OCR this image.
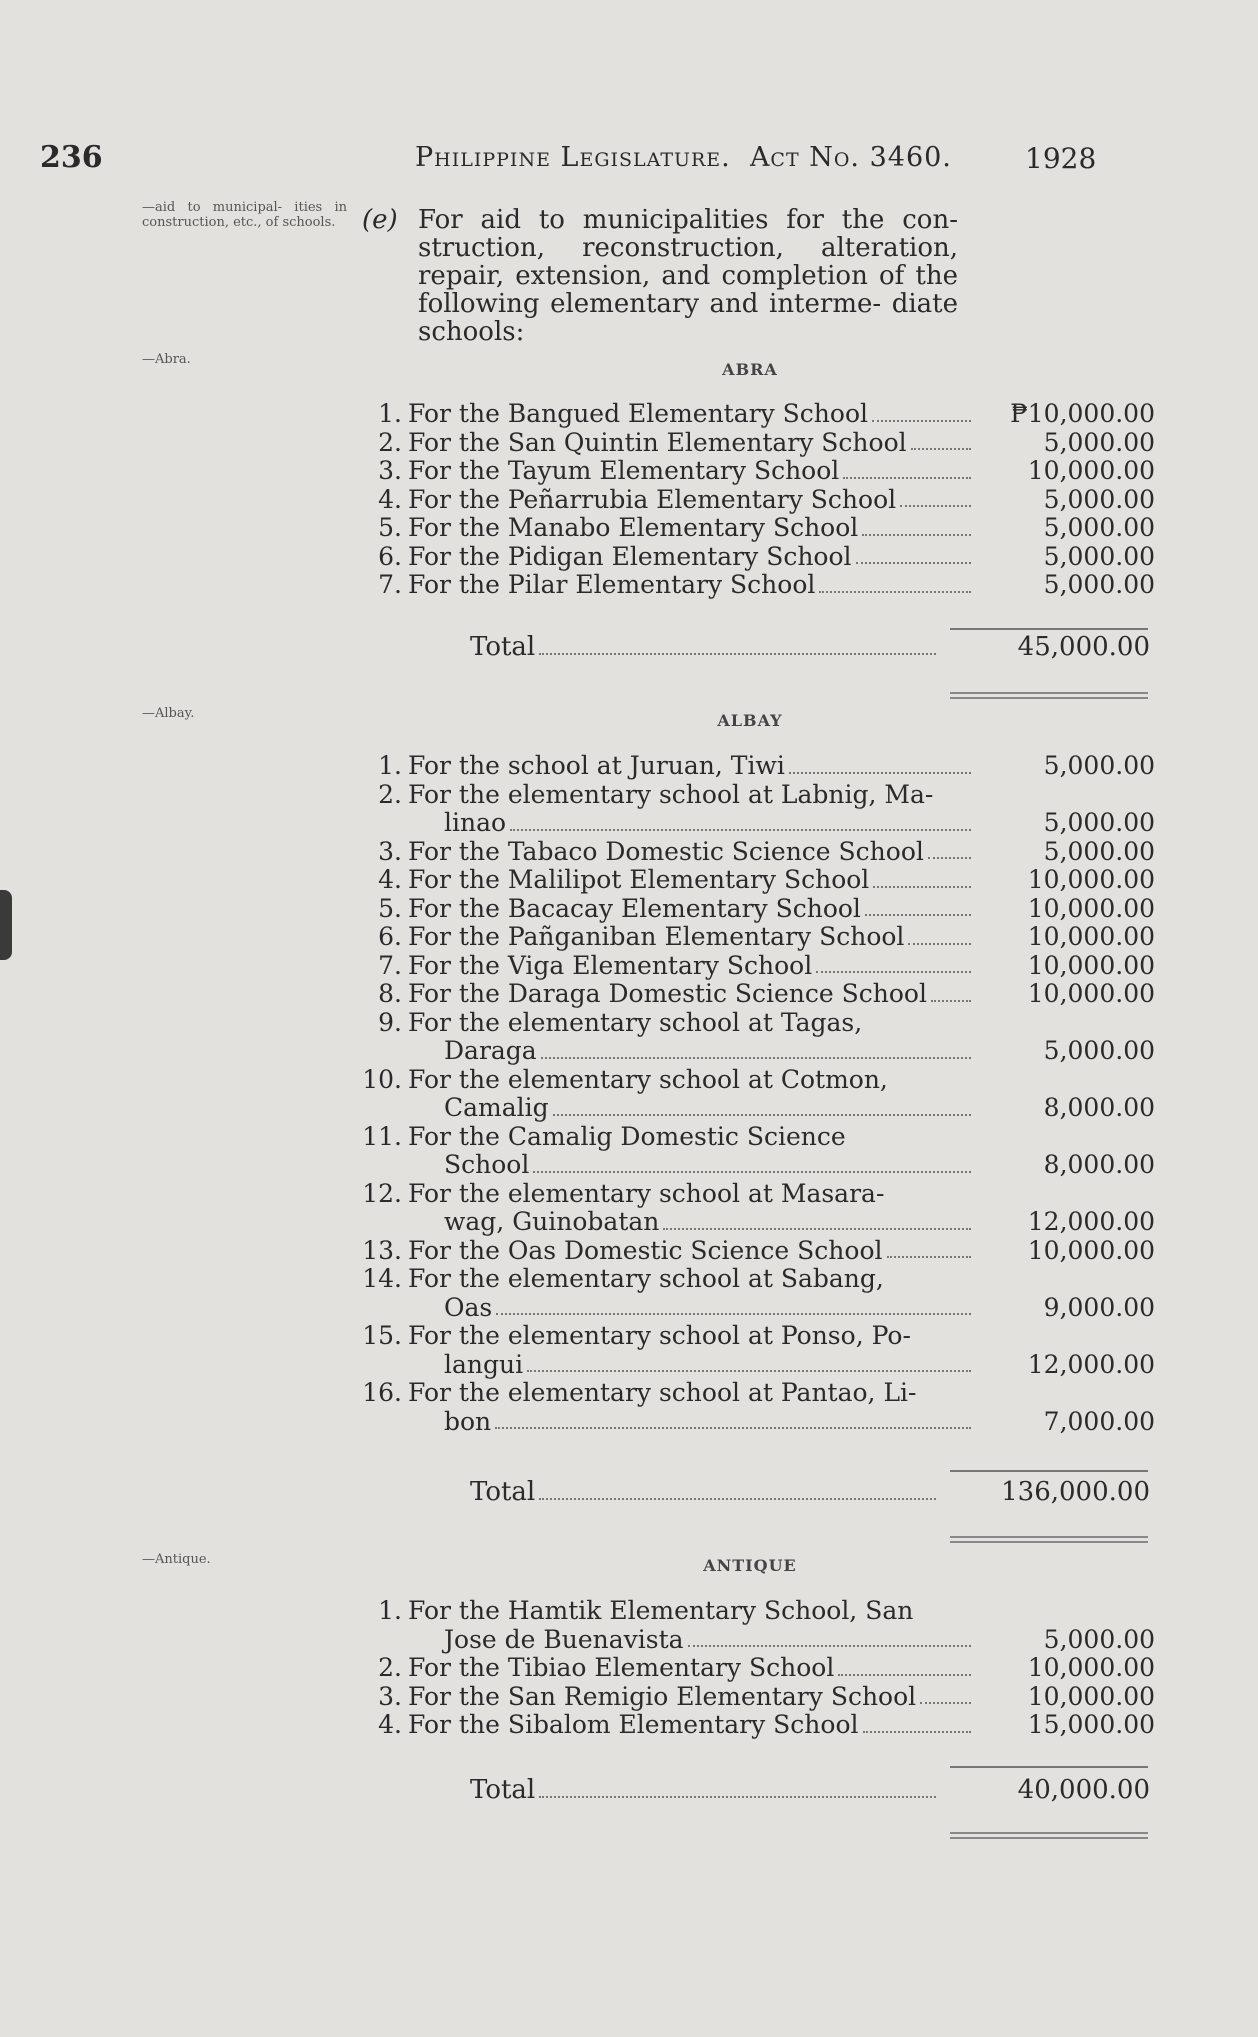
236	Philippine Legislature. Act No. 3460.	1928
—aid to municipal- ities in construction, etc., of schools.	(e) For aid to municipalities for the con- struction, reconstruction, alteration, repair, extension, and completion of the following elementary and interme- diate schools:
—Abra.
ABRA
1. For the Bangued Elementary School	₱10,000.00
2. For the San Quintin Elementary School	5,000.00
3. For the Tayum Elementary School	10,000.00
4. For the Peñarrubia Elementary School	5,000.00
5. For the Manabo Elementary School	5,000.00
6. For the Pidigan Elementary School	5,000.00
7. For the Pilar Elementary School	5,000.00
Total	45,000.00
—Albay.	ALBAY
1. For the school at Juruan, Tiwi	5,000.00
2. For the elementary school at Labnig, Ma-
linao	5,000.00
3. For the Tabaco Domestic Science School	5,000.00
4. For the Malilipot Elementary School	10,000.00
5. For the Bacacay Elementary School	10,000.00
6. For the Pañganiban Elementary School	10,000.00
7. For the Viga Elementary School	10,000.00
8. For the Daraga Domestic Science School	10,000.00
9. For the elementary school at Tagas,
Daraga	5,000.00
10. For the elementary school at Cotmon,
Camalig	8,000.00
11. For the Camalig Domestic Science
School	8,000.00
12. For the elementary school at Masara-
wag, Guinobatan	12,000.00
13. For the Oas Domestic Science School	10,000.00
14. For the elementary school at Sabang,
Oas	9,000.00
15. For the elementary school at Ponso, Po-
langui	12,000.00
16. For the elementary school at Pantao, Li-
bon	7,000.00
Total	136,000.00
—Antique.	ANTIQUE
1. For the Hamtik Elementary School, San
Jose de Buenavista	5,000.00
2. For the Tibiao Elementary School	10,000.00
3. For the San Remigio Elementary School	10,000.00
4. For the Sibalom Elementary School	15,000.00
Total	40,000.00
